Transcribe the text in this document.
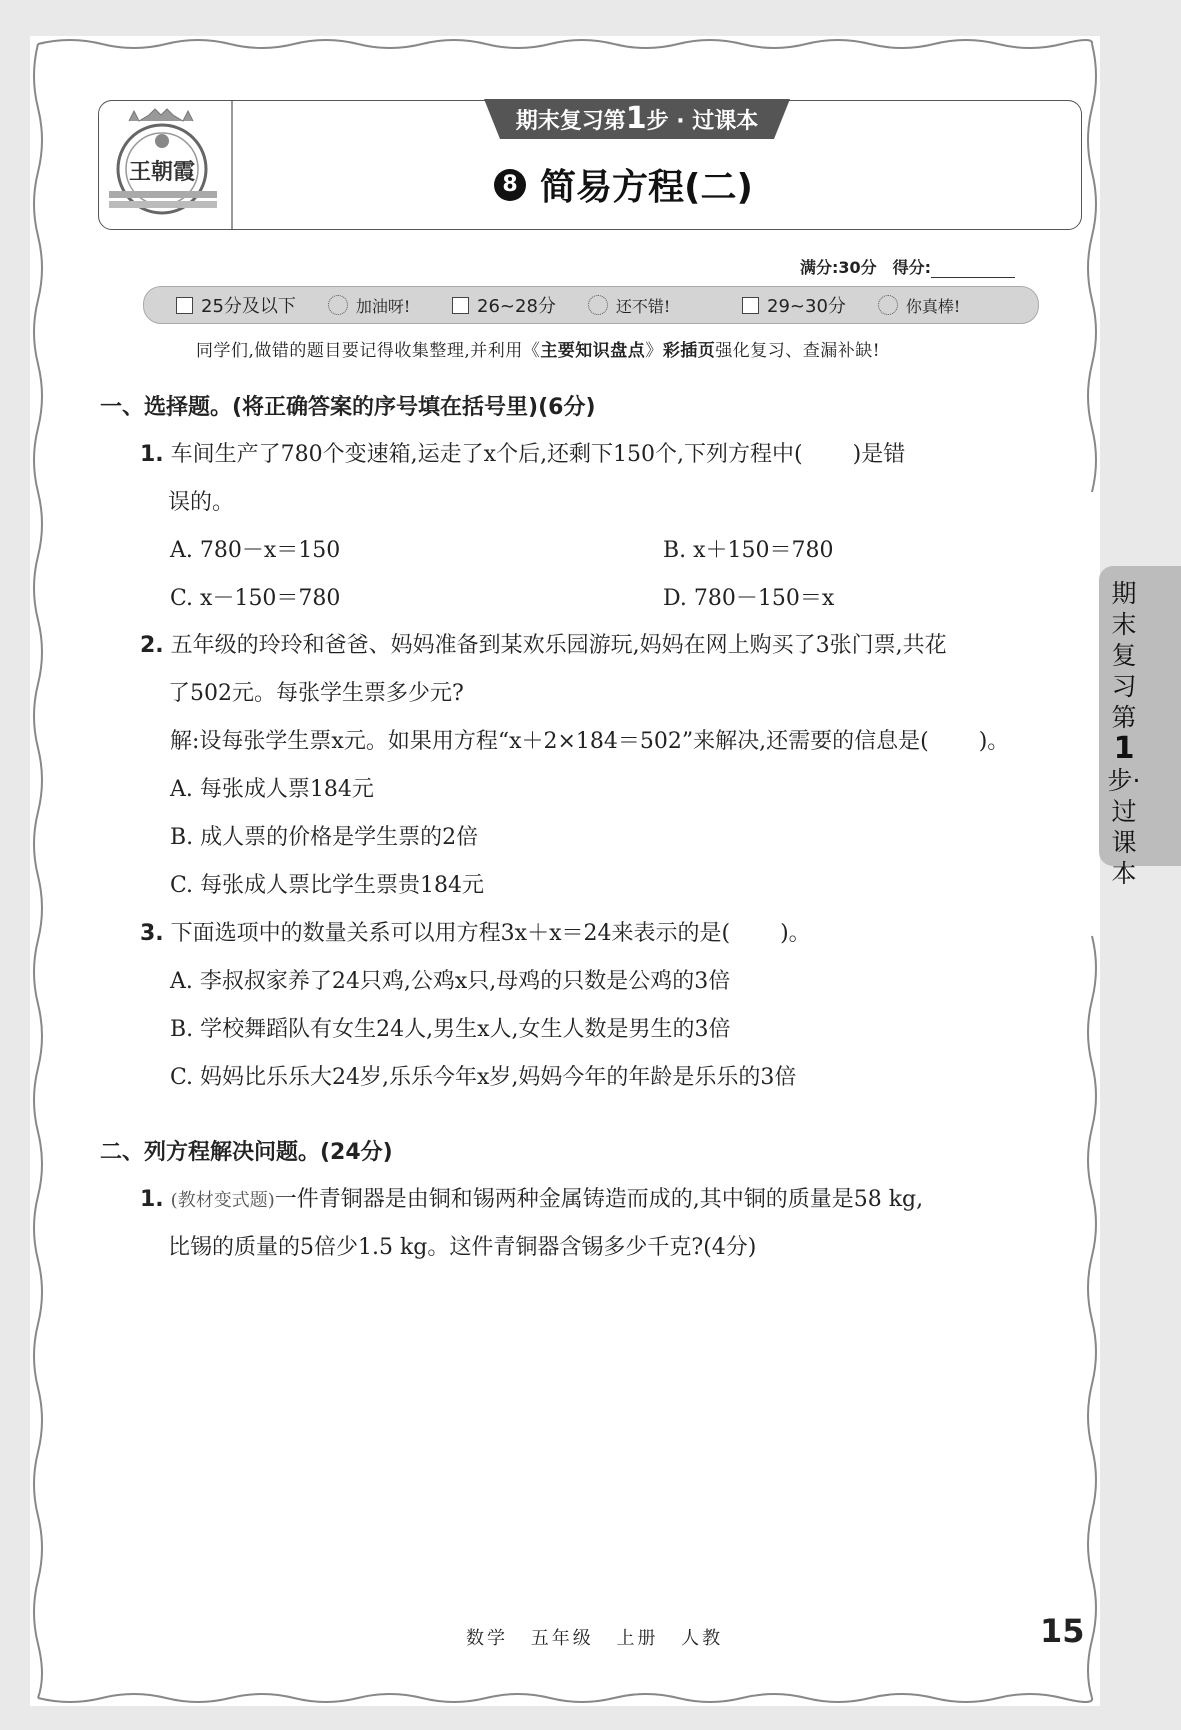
王朝霞
期末复习第1步 · 过课本
8 简易方程(二)
满分:30分　得分:
25分及以下	加油呀!	26~28分	还不错!	29~30分	你真棒!
同学们,做错的题目要记得收集整理,并利用《主要知识盘点》彩插页强化复习、查漏补缺!
一、选择题。(将正确答案的序号填在括号里)(6分)
1. 车间生产了780个变速箱,运走了x个后,还剩下150个,下列方程中( )是错
误的。
A. 780－x＝150	B. x＋150＝780
C. x－150＝780	D. 780－150＝x
2. 五年级的玲玲和爸爸、妈妈准备到某欢乐园游玩,妈妈在网上购买了3张门票,共花
了502元。每张学生票多少元?
解:设每张学生票x元。如果用方程“x＋2×184＝502”来解决,还需要的信息是( )。
A. 每张成人票184元
B. 成人票的价格是学生票的2倍
C. 每张成人票比学生票贵184元
3. 下面选项中的数量关系可以用方程3x＋x＝24来表示的是( )。
A. 李叔叔家养了24只鸡,公鸡x只,母鸡的只数是公鸡的3倍
B. 学校舞蹈队有女生24人,男生x人,女生人数是男生的3倍
C. 妈妈比乐乐大24岁,乐乐今年x岁,妈妈今年的年龄是乐乐的3倍
二、列方程解决问题。(24分)
1. (教材变式题)一件青铜器是由铜和锡两种金属铸造而成的,其中铜的质量是58 kg,
比锡的质量的5倍少1.5 kg。这件青铜器含锡多少千克?(4分)
期末复习第1步·过课本
数学 五年级 上册 人教	15
